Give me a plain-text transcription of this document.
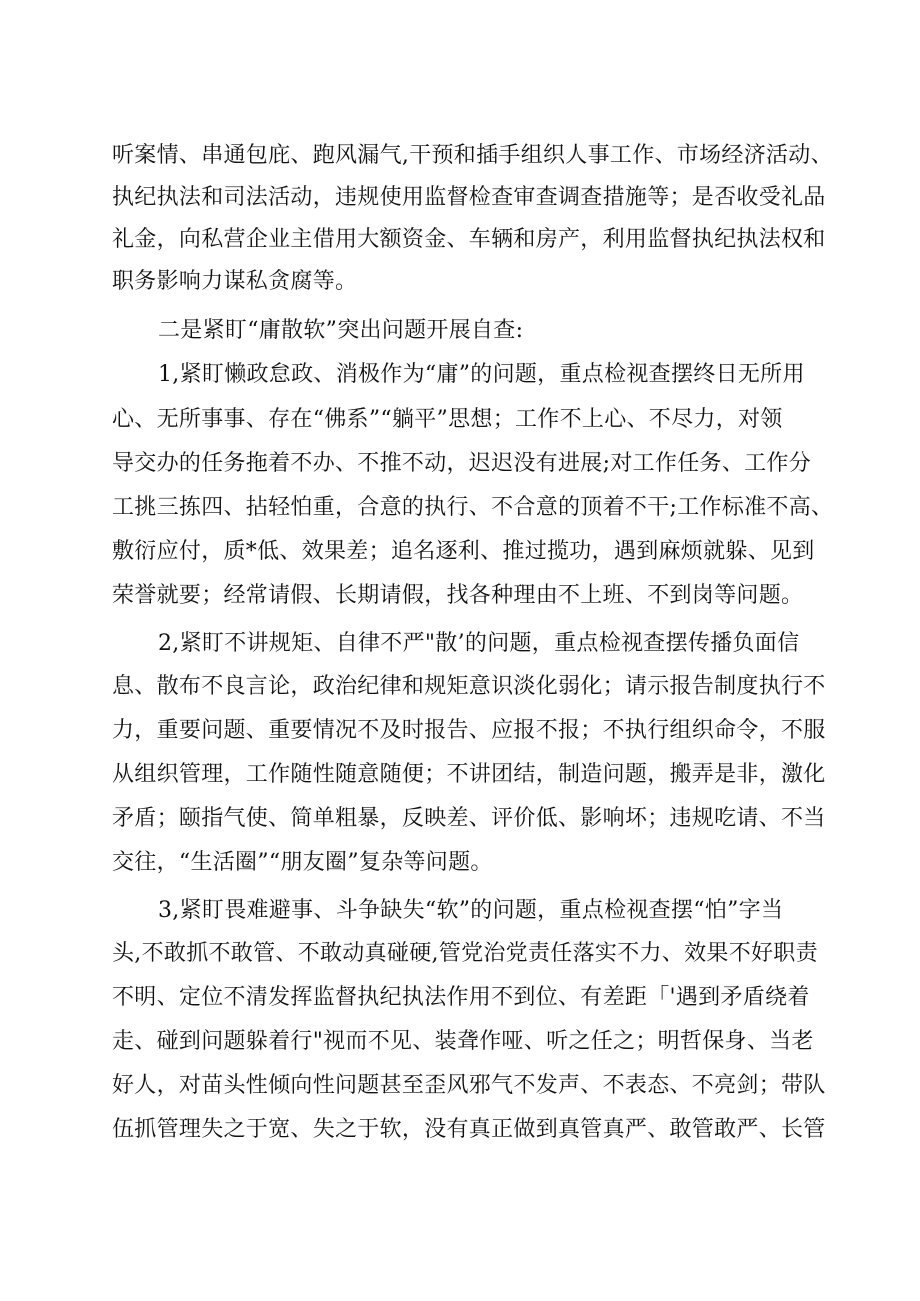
听案情、串通包庇、跑风漏气,干预和插手组织人事工作、市场经济活动、
执纪执法和司法活动，违规使用监督检查审查调查措施等；是否收受礼品
礼金，向私营企业主借用大额资金、车辆和房产，利用监督执纪执法权和
职务影响力谋私贪腐等。
二是紧盯“庸散软”突出问题开展自查:
1,紧盯懒政怠政、消极作为“庸”的问题，重点检视查摆终日无所用
心、无所事事、存在“佛系”“躺平”思想；工作不上心、不尽力，对领
导交办的任务拖着不办、不推不动，迟迟没有进展;对工作任务、工作分
工挑三拣四、拈轻怕重，合意的执行、不合意的顶着不干;工作标准不高、
敷衍应付，质*低、效果差；追名逐利、推过揽功，遇到麻烦就躲、见到
荣誉就要；经常请假、长期请假，找各种理由不上班、不到岗等问题。
2,紧盯不讲规矩、自律不严"散’的问题，重点检视查摆传播负面信
息、散布不良言论，政治纪律和规矩意识淡化弱化；请示报告制度执行不
力，重要问题、重要情况不及时报告、应报不报；不执行组织命令，不服
从组织管理，工作随性随意随便；不讲团结，制造问题，搬弄是非，激化
矛盾；颐指气使、简单粗暴，反映差、评价低、影响坏；违规吃请、不当
交往，“生活圈”“朋友圈”复杂等问题。
3,紧盯畏难避事、斗争缺失“软”的问题，重点检视查摆“怕”字当
头,不敢抓不敢管、不敢动真碰硬,管党治党责任落实不力、效果不好职责
不明、定位不清发挥监督执纪执法作用不到位、有差距「'遇到矛盾绕着
走、碰到问题躲着行"视而不见、装聋作哑、听之任之；明哲保身、当老
好人，对苗头性倾向性问题甚至歪风邪气不发声、不表态、不亮剑；带队
伍抓管理失之于宽、失之于软，没有真正做到真管真严、敢管敢严、长管
